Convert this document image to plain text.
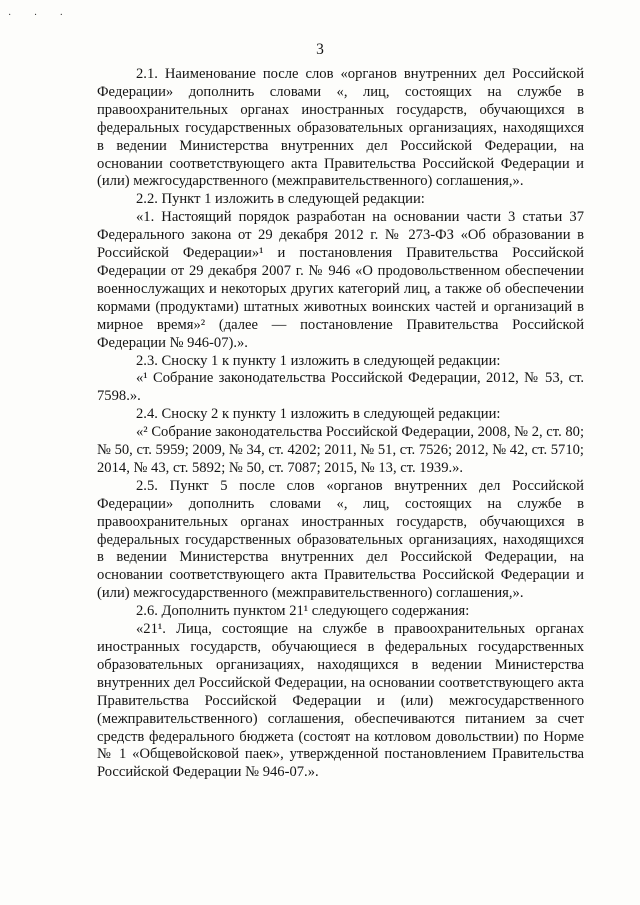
· · ·
3

2.1. Наименование после слов «органов внутренних дел Российской Федерации» дополнить словами «, лиц, состоящих на службе в правоохранительных органах иностранных государств, обучающихся в федеральных государственных образовательных организациях, находящихся в ведении Министерства внутренних дел Российской Федерации, на основании соответствующего акта Правительства Российской Федерации и (или) межгосударственного (межправительственного) соглашения,».

2.2. Пункт 1 изложить в следующей редакции:

«1. Настоящий порядок разработан на основании части 3 статьи 37 Федерального закона от 29 декабря 2012 г. № 273-ФЗ «Об образовании в Российской Федерации»¹ и постановления Правительства Российской Федерации от 29 декабря 2007 г. № 946 «О продовольственном обеспечении военнослужащих и некоторых других категорий лиц, а также об обеспечении кормами (продуктами) штатных животных воинских частей и организаций в мирное время»² (далее — постановление Правительства Российской Федерации № 946-07).».

2.3. Сноску 1 к пункту 1 изложить в следующей редакции:

«¹ Собрание законодательства Российской Федерации, 2012, № 53, ст. 7598.».

2.4. Сноску 2 к пункту 1 изложить в следующей редакции:

«² Собрание законодательства Российской Федерации, 2008, № 2, ст. 80; № 50, ст. 5959; 2009, № 34, ст. 4202; 2011, № 51, ст. 7526; 2012, № 42, ст. 5710; 2014, № 43, ст. 5892; № 50, ст. 7087; 2015, № 13, ст. 1939.».

2.5. Пункт 5 после слов «органов внутренних дел Российской Федерации» дополнить словами «, лиц, состоящих на службе в правоохранительных органах иностранных государств, обучающихся в федеральных государственных образовательных организациях, находящихся в ведении Министерства внутренних дел Российской Федерации, на основании соответствующего акта Правительства Российской Федерации и (или) межгосударственного (межправительственного) соглашения,».

2.6. Дополнить пунктом 21¹ следующего содержания:

«21¹. Лица, состоящие на службе в правоохранительных органах иностранных государств, обучающиеся в федеральных государственных образовательных организациях, находящихся в ведении Министерства внутренних дел Российской Федерации, на основании соответствующего акта Правительства Российской Федерации и (или) межгосударственного (межправительственного) соглашения, обеспечиваются питанием за счет средств федерального бюджета (состоят на котловом довольствии) по Норме № 1 «Общевойсковой паек», утвержденной постановлением Правительства Российской Федерации № 946-07.».
